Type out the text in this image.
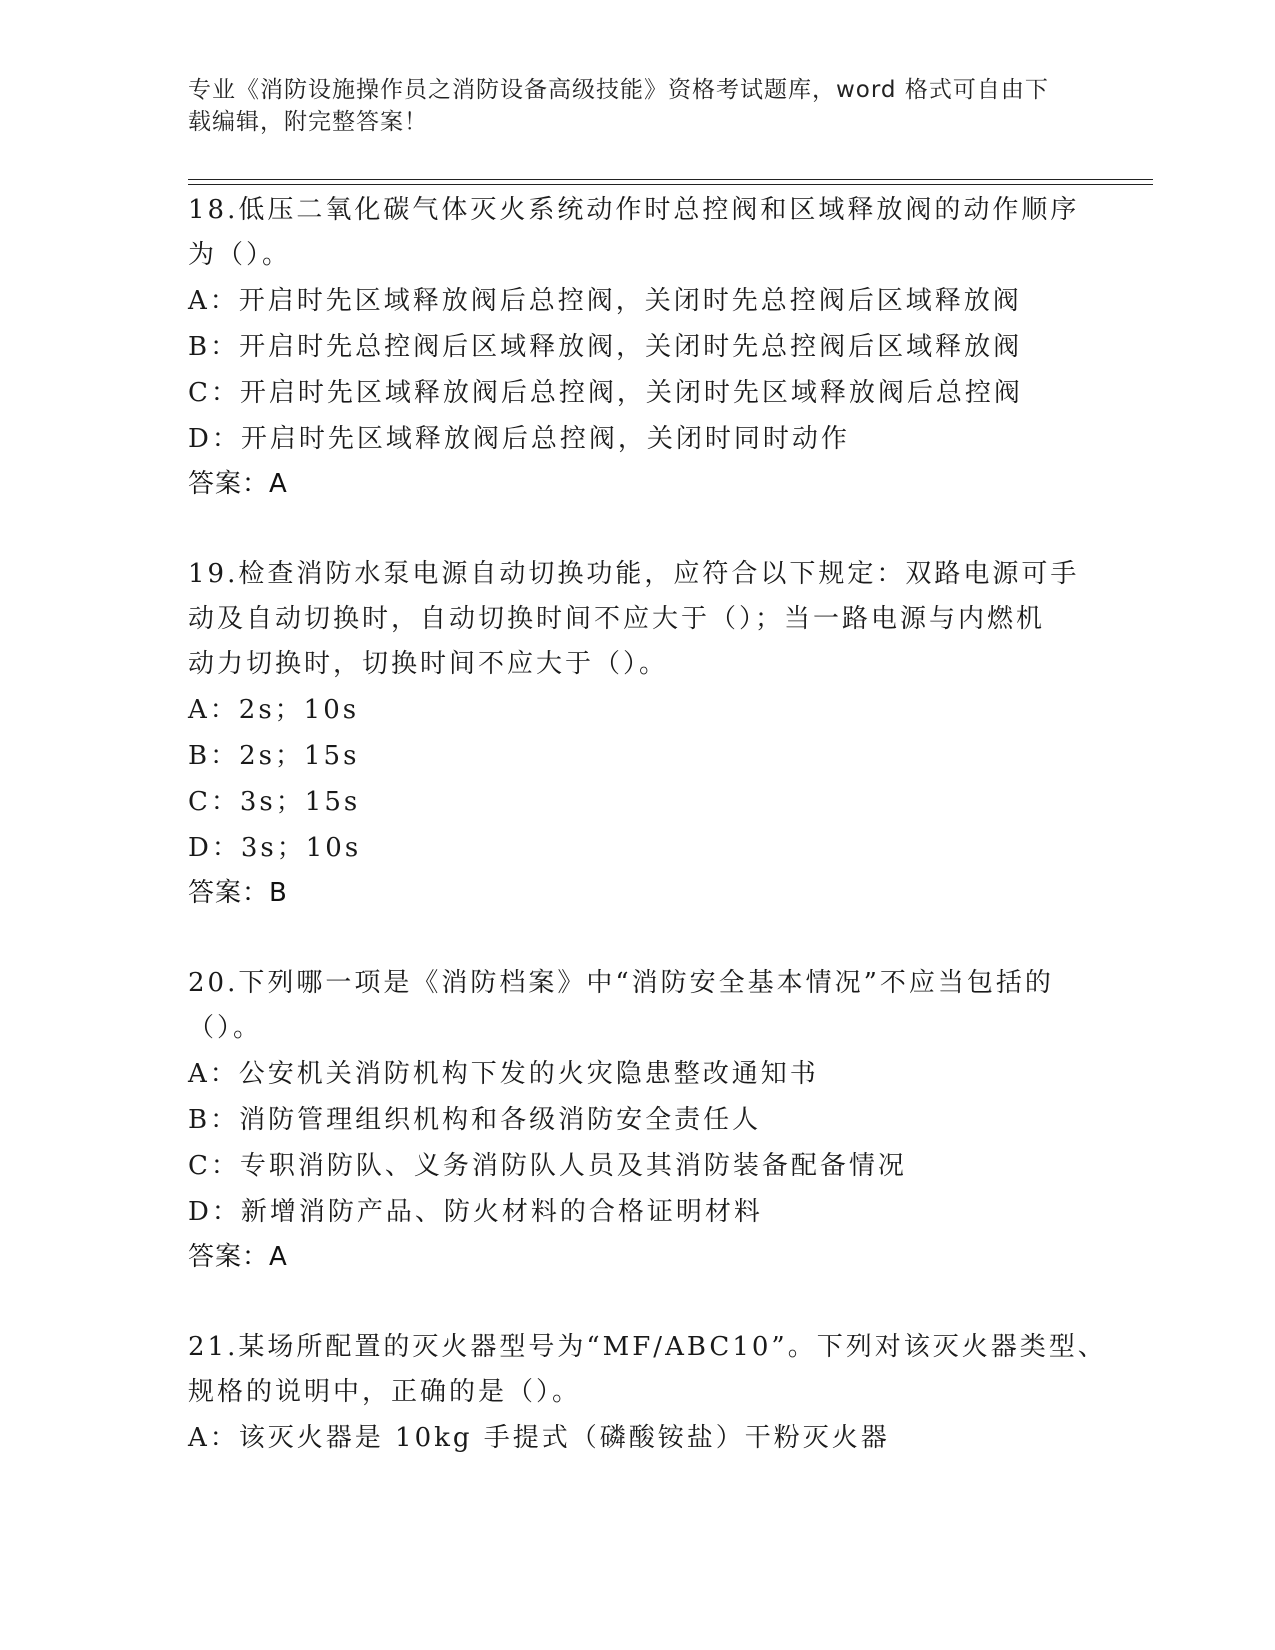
专业《消防设施操作员之消防设备高级技能》资格考试题库，word 格式可自由下
载编辑，附完整答案！
18.低压二氧化碳气体灭火系统动作时总控阀和区域释放阀的动作顺序
为（）。
A：开启时先区域释放阀后总控阀，关闭时先总控阀后区域释放阀
B：开启时先总控阀后区域释放阀，关闭时先总控阀后区域释放阀
C：开启时先区域释放阀后总控阀，关闭时先区域释放阀后总控阀
D：开启时先区域释放阀后总控阀，关闭时同时动作
答案：A
19.检查消防水泵电源自动切换功能，应符合以下规定：双路电源可手
动及自动切换时，自动切换时间不应大于（）；当一路电源与内燃机
动力切换时，切换时间不应大于（）。
A：2s；10s
B：2s；15s
C：3s；15s
D：3s；10s
答案：B
20.下列哪一项是《消防档案》中“消防安全基本情况”不应当包括的
（）。
A：公安机关消防机构下发的火灾隐患整改通知书
B：消防管理组织机构和各级消防安全责任人
C：专职消防队、义务消防队人员及其消防装备配备情况
D：新增消防产品、防火材料的合格证明材料
答案：A
21.某场所配置的灭火器型号为“MF/ABC10”。下列对该灭火器类型、
规格的说明中，正确的是（）。
A：该灭火器是 10kg 手提式（磷酸铵盐）干粉灭火器
